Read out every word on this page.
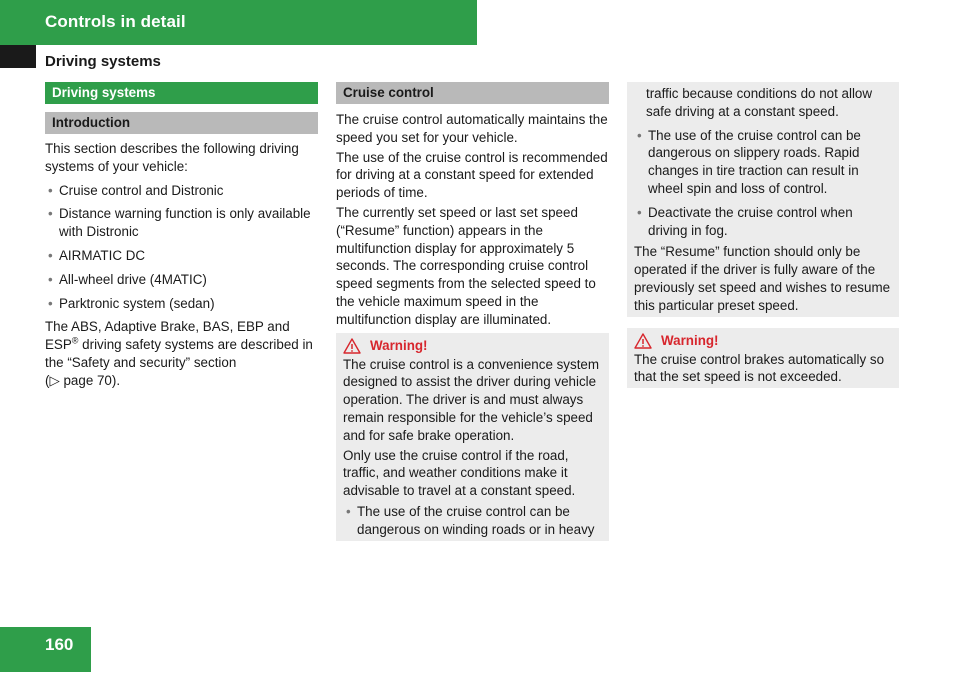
Controls in detail
Driving systems
Driving systems
Introduction

This section describes the following driving systems of your vehicle:

• Cruise control and Distronic
• Distance warning function is only available with Distronic
• AIRMATIC DC
• All-wheel drive (4MATIC)
• Parktronic system (sedan)

The ABS, Adaptive Brake, BAS, EBP and ESP® driving safety systems are described in the “Safety and security” section
(▷ page 70).

Cruise control

The cruise control automatically maintains the speed you set for your vehicle.

The use of the cruise control is recommended for driving at a constant speed for extended periods of time.

The currently set speed or last set speed (“Resume” function) appears in the multifunction display for approximately 5 seconds. The corresponding cruise control speed segments from the selected speed to the vehicle maximum speed in the multifunction display are illuminated.

Warning!

The cruise control is a convenience system designed to assist the driver during vehicle operation. The driver is and must always remain responsible for the vehicle’s speed and for safe brake operation.

Only use the cruise control if the road, traffic, and weather conditions make it advisable to travel at a constant speed.

• The use of the cruise control can be dangerous on winding roads or in heavy

traffic because conditions do not allow safe driving at a constant speed.

• The use of the cruise control can be dangerous on slippery roads. Rapid changes in tire traction can result in wheel spin and loss of control.
• Deactivate the cruise control when driving in fog.

The “Resume” function should only be operated if the driver is fully aware of the previously set speed and wishes to resume this particular preset speed.

Warning!

The cruise control brakes automatically so that the set speed is not exceeded.

160
